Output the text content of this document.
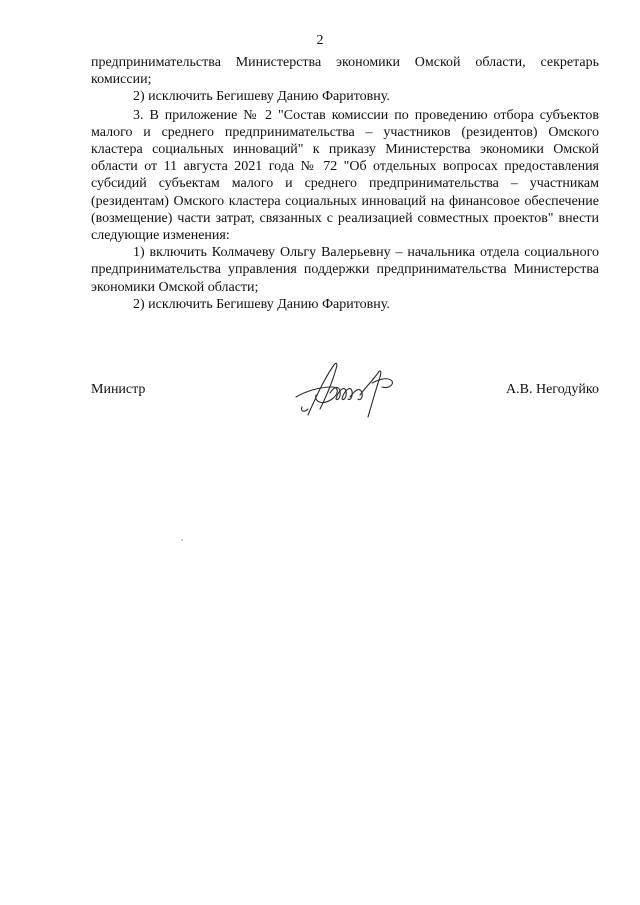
2

предпринимательства Министерства экономики Омской области, секретарь комиссии;

2) исключить Бегишеву Данию Фаритовну.

3. В приложение № 2 "Состав комиссии по проведению отбора субъектов малого и среднего предпринимательства – участников (резидентов) Омского кластера социальных инноваций" к приказу Министерства экономики Омской области от 11 августа 2021 года № 72 "Об отдельных вопросах предоставления субсидий субъектам малого и среднего предпринимательства – участникам (резидентам) Омского кластера социальных инноваций на финансовое обеспечение (возмещение) части затрат, связанных с реализацией совместных проектов" внести следующие изменения:

1) включить Колмачеву Ольгу Валерьевну – начальника отдела социального предпринимательства управления поддержки предпринимательства Министерства экономики Омской области;

2) исключить Бегишеву Данию Фаритовну.

Министр	А.В. Негодуйко
